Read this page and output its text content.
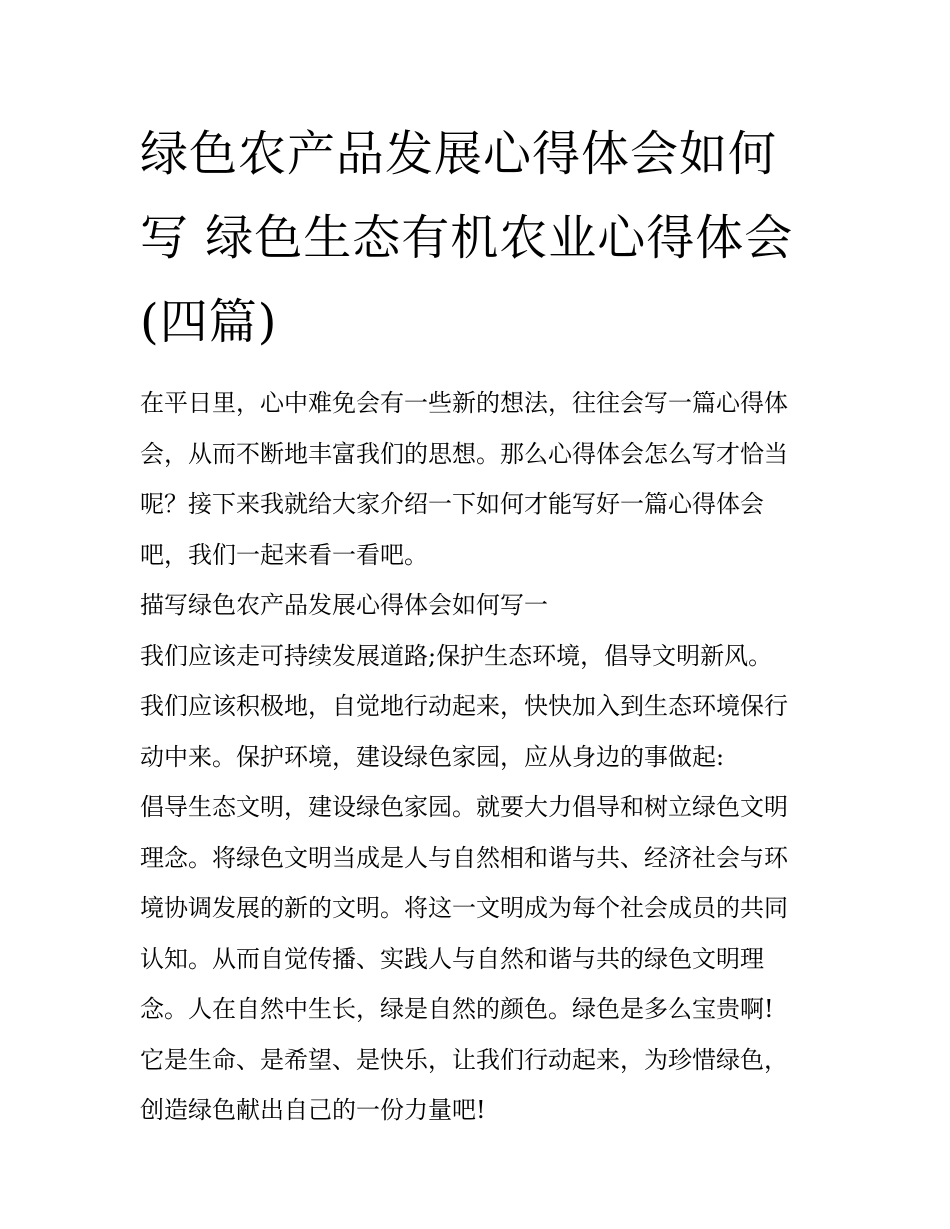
绿色农产品发展心得体会如何
写 绿色生态有机农业心得体会
(四篇)

在平日里，心中难免会有一些新的想法，往往会写一篇心得体
会，从而不断地丰富我们的思想。那么心得体会怎么写才恰当
呢？接下来我就给大家介绍一下如何才能写好一篇心得体会
吧，我们一起来看一看吧。

描写绿色农产品发展心得体会如何写一

我们应该走可持续发展道路;保护生态环境，倡导文明新风。
我们应该积极地，自觉地行动起来，快快加入到生态环境保行
动中来。保护环境，建设绿色家园，应从身边的事做起:

倡导生态文明，建设绿色家园。就要大力倡导和树立绿色文明
理念。将绿色文明当成是人与自然相和谐与共、经济社会与环
境协调发展的新的文明。将这一文明成为每个社会成员的共同
认知。从而自觉传播、实践人与自然和谐与共的绿色文明理
念。人在自然中生长，绿是自然的颜色。绿色是多么宝贵啊!
它是生命、是希望、是快乐，让我们行动起来，为珍惜绿色，
创造绿色献出自己的一份力量吧!
